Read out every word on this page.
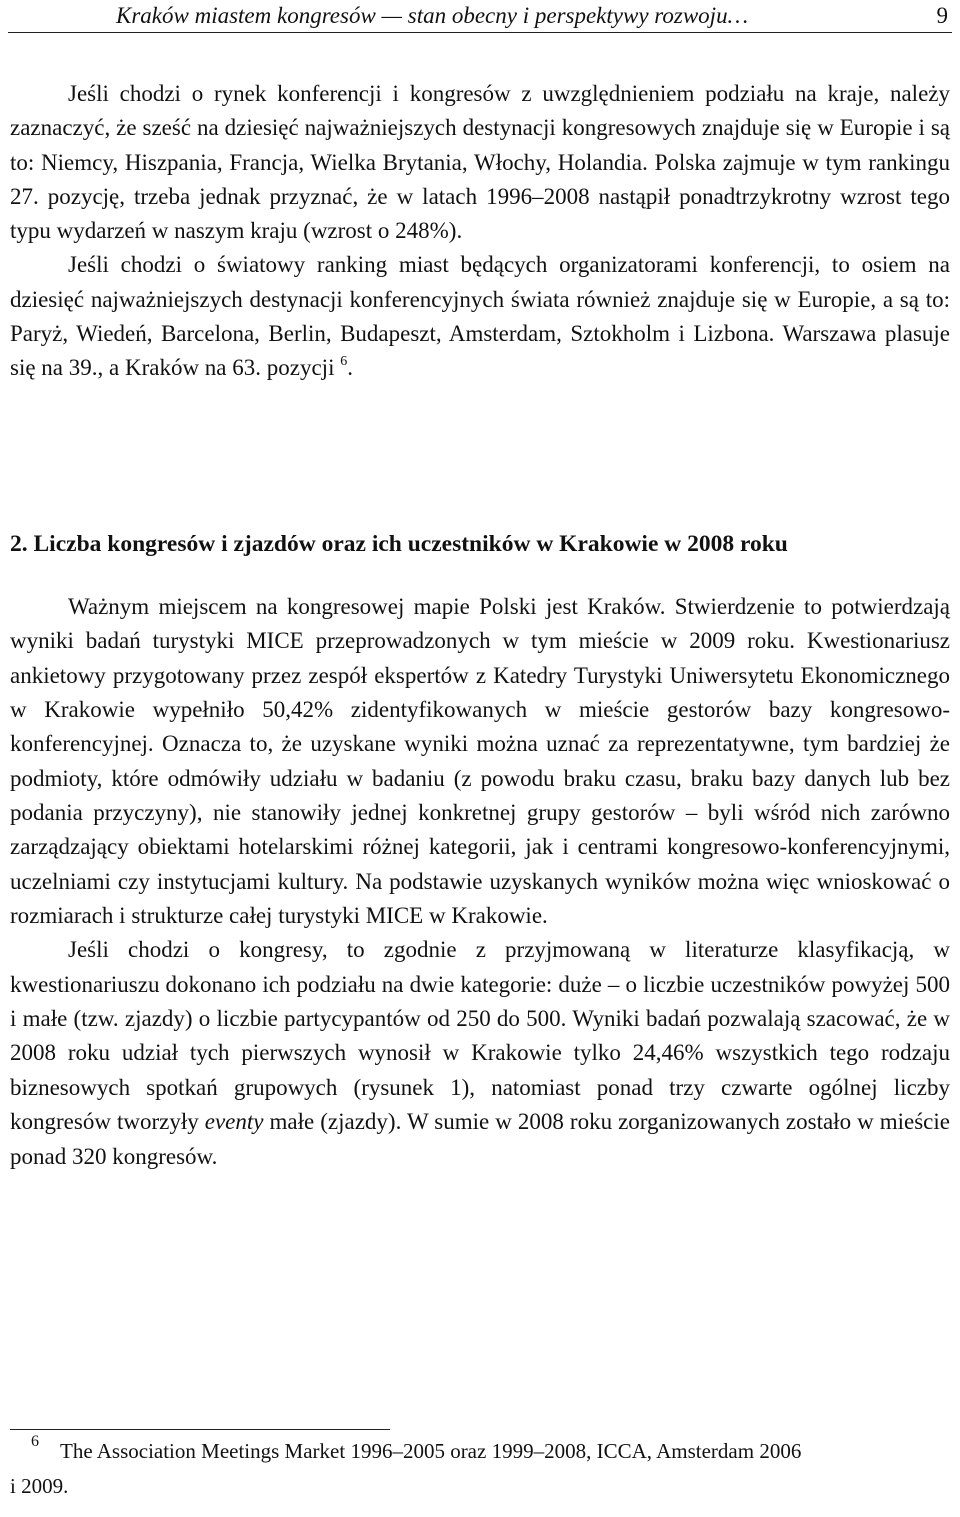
Kraków miastem kongresów — stan obecny i perspektywy rozwoju…	9

Jeśli chodzi o rynek konferencji i kongresów z uwzględnieniem podziału na kraje, należy zaznaczyć, że sześć na dziesięć najważniejszych destynacji kongresowych znajduje się w Europie i są to: Niemcy, Hiszpania, Francja, Wielka Brytania, Włochy, Holandia. Polska zajmuje w tym rankingu 27. pozycję, trzeba jednak przyznać, że w latach 1996–2008 nastąpił ponadtrzykrotny wzrost tego typu wydarzeń w naszym kraju (wzrost o 248%).

Jeśli chodzi o światowy ranking miast będących organizatorami konferencji, to osiem na dziesięć najważniejszych destynacji konferencyjnych świata również znajduje się w Europie, a są to: Paryż, Wiedeń, Barcelona, Berlin, Budapeszt, Amsterdam, Sztokholm i Lizbona. Warszawa plasuje się na 39., a Kraków na 63. pozycji $^6$.

2. Liczba kongresów i zjazdów oraz ich uczestników w Krakowie w 2008 roku

Ważnym miejscem na kongresowej mapie Polski jest Kraków. Stwierdzenie to potwierdzają wyniki badań turystyki MICE przeprowadzonych w tym mieście w 2009 roku. Kwestionariusz ankietowy przygotowany przez zespół ekspertów z Katedry Turystyki Uniwersytetu Ekonomicznego w Krakowie wypełniło 50,42% zidentyfikowanych w mieście gestorów bazy kongresowo-konferencyjnej. Oznacza to, że uzyskane wyniki można uznać za reprezentatywne, tym bardziej że podmioty, które odmówiły udziału w badaniu (z powodu braku czasu, braku bazy danych lub bez podania przyczyny), nie stanowiły jednej konkretnej grupy gestorów – byli wśród nich zarówno zarządzający obiektami hotelarskimi różnej kategorii, jak i centrami kongresowo-konferencyjnymi, uczelniami czy instytucjami kultury. Na podstawie uzyskanych wyników można więc wnioskować o rozmiarach i strukturze całej turystyki MICE w Krakowie.

Jeśli chodzi o kongresy, to zgodnie z przyjmowaną w literaturze klasyfikacją, w kwestionariuszu dokonano ich podziału na dwie kategorie: duże – o liczbie uczestników powyżej 500 i małe (tzw. zjazdy) o liczbie partycypantów od 250 do 500. Wyniki badań pozwalają szacować, że w 2008 roku udział tych pierwszych wynosił w Krakowie tylko 24,46% wszystkich tego rodzaju biznesowych spotkań grupowych (rysunek 1), natomiast ponad trzy czwarte ogólnej liczby kongresów tworzyły eventy małe (zjazdy). W sumie w 2008 roku zorganizowanych zostało w mieście ponad 320 kongresów.

6 The Association Meetings Market 1996–2005 oraz 1999–2008, ICCA, Amsterdam 2006
i 2009.
